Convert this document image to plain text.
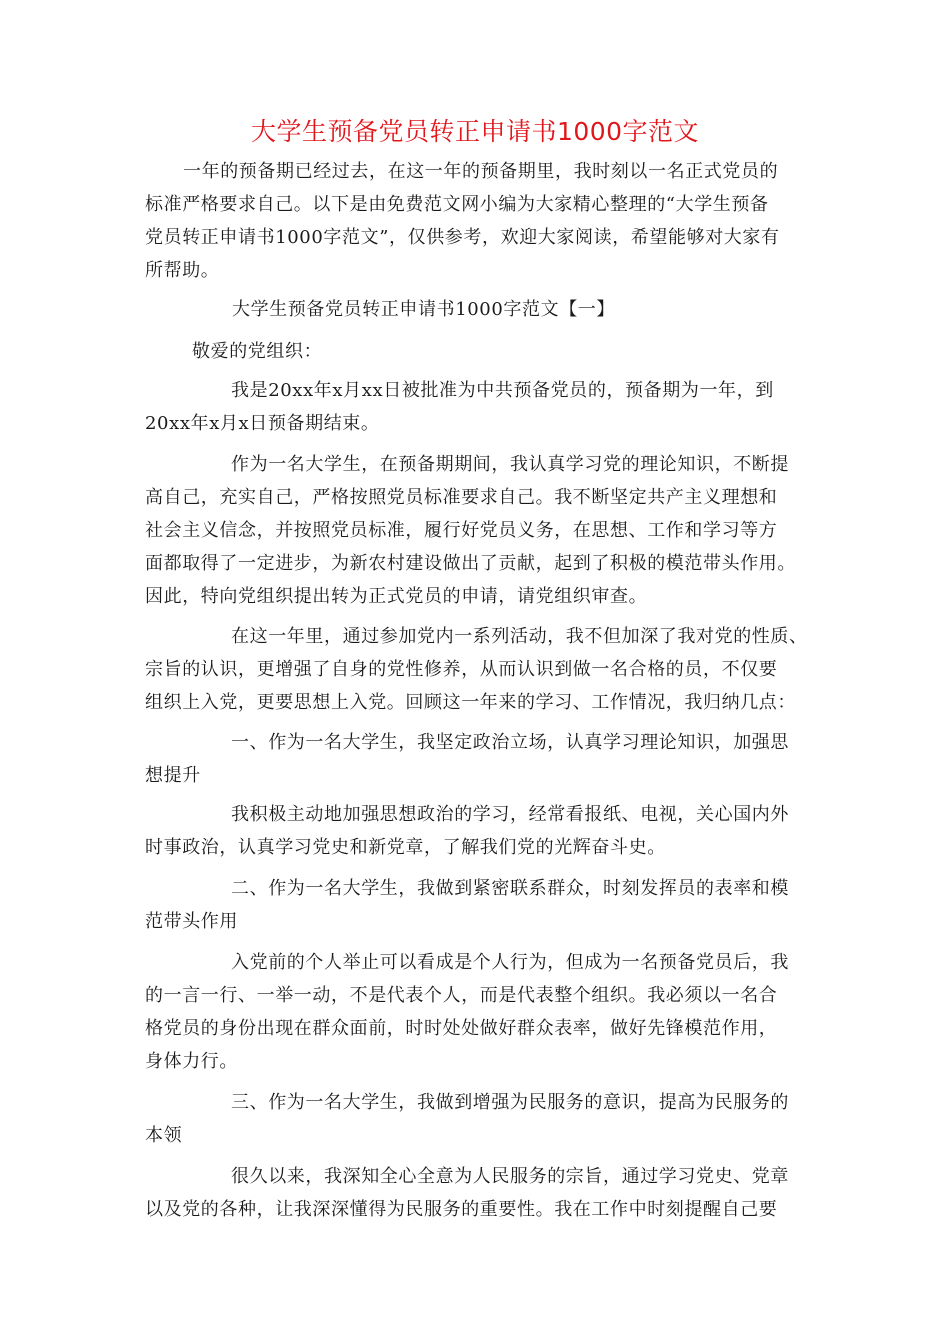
大学生预备党员转正申请书1000字范文
一年的预备期已经过去，在这一年的预备期里，我时刻以一名正式党员的
标准严格要求自己。以下是由免费范文网小编为大家精心整理的“大学生预备
党员转正申请书1000字范文”，仅供参考，欢迎大家阅读，希望能够对大家有
所帮助。
大学生预备党员转正申请书1000字范文【一】
敬爱的党组织：
我是20xx年x月xx日被批准为中共预备党员的，预备期为一年，到
20xx年x月x日预备期结束。
作为一名大学生，在预备期期间，我认真学习党的理论知识，不断提
高自己，充实自己，严格按照党员标准要求自己。我不断坚定共产主义理想和
社会主义信念，并按照党员标准，履行好党员义务，在思想、工作和学习等方
面都取得了一定进步，为新农村建设做出了贡献，起到了积极的模范带头作用。
因此，特向党组织提出转为正式党员的申请，请党组织审查。
在这一年里，通过参加党内一系列活动，我不但加深了我对党的性质、
宗旨的认识，更增强了自身的党性修养，从而认识到做一名合格的员，不仅要
组织上入党，更要思想上入党。回顾这一年来的学习、工作情况，我归纳几点：
一、作为一名大学生，我坚定政治立场，认真学习理论知识，加强思
想提升
我积极主动地加强思想政治的学习，经常看报纸、电视，关心国内外
时事政治，认真学习党史和新党章，了解我们党的光辉奋斗史。
二、作为一名大学生，我做到紧密联系群众，时刻发挥员的表率和模
范带头作用
入党前的个人举止可以看成是个人行为，但成为一名预备党员后，我
的一言一行、一举一动，不是代表个人，而是代表整个组织。我必须以一名合
格党员的身份出现在群众面前，时时处处做好群众表率，做好先锋模范作用，
身体力行。
三、作为一名大学生，我做到增强为民服务的意识，提高为民服务的
本领
很久以来，我深知全心全意为人民服务的宗旨，通过学习党史、党章
以及党的各种，让我深深懂得为民服务的重要性。我在工作中时刻提醒自己要
